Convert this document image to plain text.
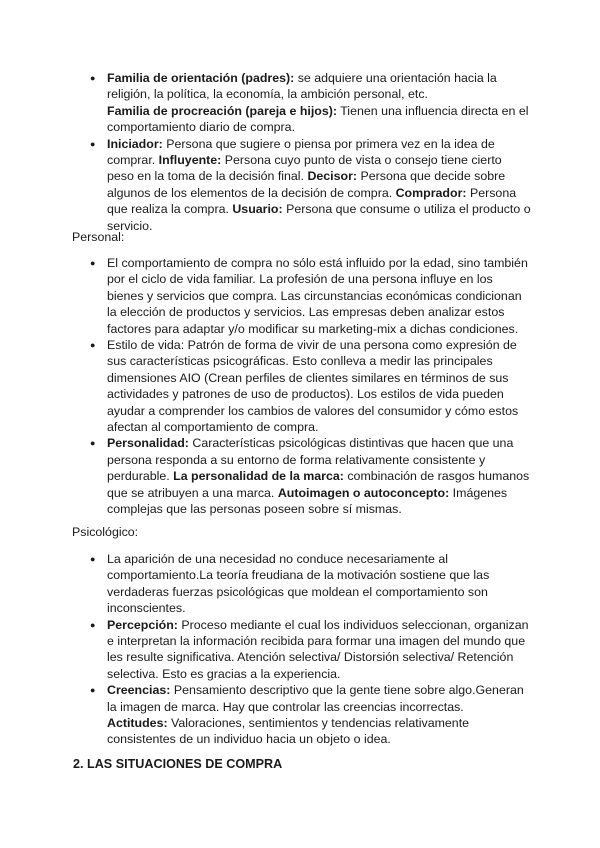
● Familia de orientación (padres): se adquiere una orientación hacia la religión, la política, la economía, la ambición personal, etc.
Familia de procreación (pareja e hijos): Tienen una influencia directa en el comportamiento diario de compra.
● Iniciador: Persona que sugiere o piensa por primera vez en la idea de comprar. Influyente: Persona cuyo punto de vista o consejo tiene cierto peso en la toma de la decisión final. Decisor: Persona que decide sobre algunos de los elementos de la decisión de compra. Comprador: Persona que realiza la compra. Usuario: Persona que consume o utiliza el producto o servicio.
Personal:
● El comportamiento de compra no sólo está influido por la edad, sino también por el ciclo de vida familiar. La profesión de una persona influye en los bienes y servicios que compra. Las circunstancias económicas condicionan la elección de productos y servicios. Las empresas deben analizar estos factores para adaptar y/o modificar su marketing-mix a dichas condiciones.
● Estilo de vida: Patrón de forma de vivir de una persona como expresión de sus características psicográficas. Esto conlleva a medir las principales dimensiones AIO (Crean perfiles de clientes similares en términos de sus actividades y patrones de uso de productos). Los estilos de vida pueden ayudar a comprender los cambios de valores del consumidor y cómo estos afectan al comportamiento de compra.
● Personalidad: Características psicológicas distintivas que hacen que una persona responda a su entorno de forma relativamente consistente y perdurable. La personalidad de la marca: combinación de rasgos humanos que se atribuyen a una marca. Autoimagen o autoconcepto: Imágenes complejas que las personas poseen sobre sí mismas.
Psicológico:
● La aparición de una necesidad no conduce necesariamente al comportamiento.La teoría freudiana de la motivación sostiene que las verdaderas fuerzas psicológicas que moldean el comportamiento son inconscientes.
● Percepción: Proceso mediante el cual los individuos seleccionan, organizan e interpretan la información recibida para formar una imagen del mundo que les resulte significativa. Atención selectiva/ Distorsión selectiva/ Retención selectiva. Esto es gracias a la experiencia.
● Creencias: Pensamiento descriptivo que la gente tiene sobre algo.Generan la imagen de marca. Hay que controlar las creencias incorrectas.
Actitudes: Valoraciones, sentimientos y tendencias relativamente consistentes de un individuo hacia un objeto o idea.
2. LAS SITUACIONES DE COMPRA
